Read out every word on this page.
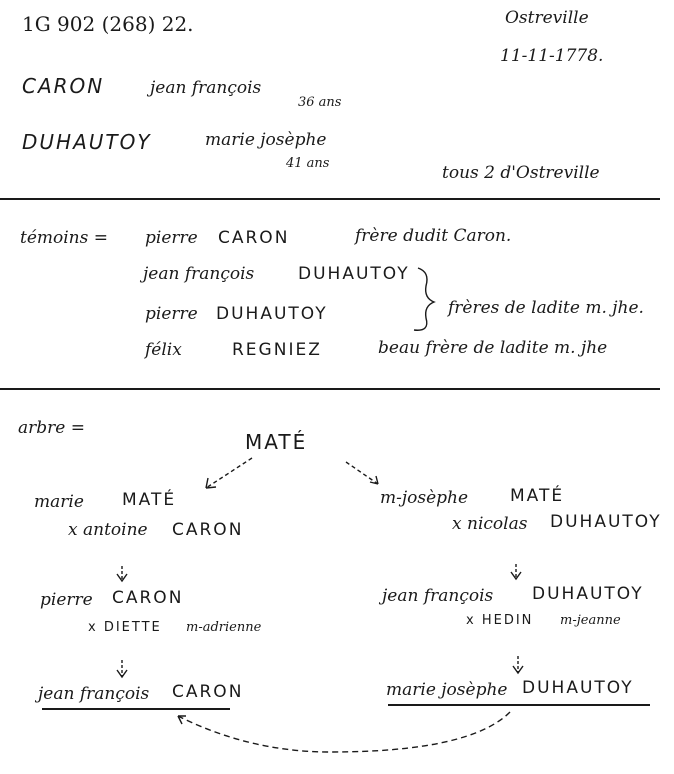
1G 902 (268) 22.	Ostreville
11-11-1778.
CARON	jean françois
36 ans
DUHAUTOY	marie josèphe
41 ans	tous 2 d'Ostreville
témoins = pierre CARON	frère dudit Caron.
jean françois	DUHAUTOY
pierre DUHAUTOY	frères de ladite m. jhe.
félix	REGNIEZ	beau frère de ladite m. jhe
arbre =
MATÉ
marie MATÉ
x antoine CARON
pierre CARON
x DIETTE m-adrienne
jean françois CARON
m-josèphe MATÉ
x nicolas DUHAUTOY
jean françois DUHAUTOY
x HEDIN m-jeanne
marie josèphe DUHAUTOY
